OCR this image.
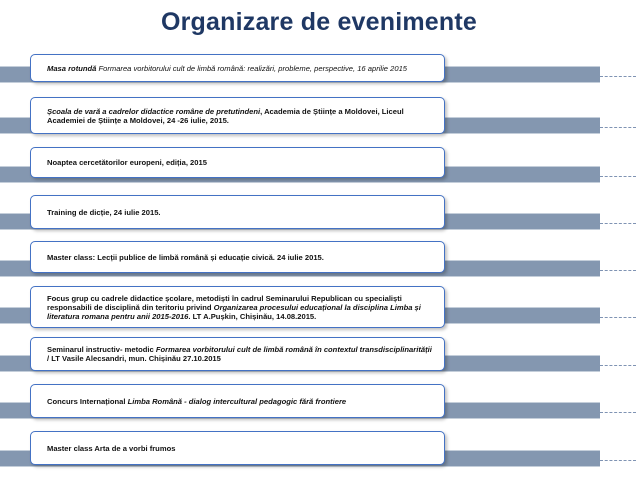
Organizare de evenimente

Masa rotundă Formarea vorbitorului cult de limbă română: realizări, probleme, perspective, 16 aprilie 2015

Școala de vară a cadrelor didactice române de pretutindeni, Academia de Științe a Moldovei, Liceul Academiei de Științe a Moldovei, 24 -26 iulie, 2015.

Noaptea cercetătorilor europeni, ediția, 2015

Training de dicție, 24 iulie 2015.

Master class: Lecții publice de limbă română și educație civică. 24 iulie 2015.

Focus grup cu cadrele didactice școlare, metodiști în cadrul Seminarului Republican cu specialiști responsabili de disciplină din teritoriu privind Organizarea procesului educațional la disciplina Limba și literatura romana pentru anii 2015-2016. LT A.Pușkin, Chișinău, 14.08.2015.

Seminarul instructiv- metodic Formarea vorbitorului cult de limbă română în contextul transdisciplinarității / LT Vasile Alecsandri, mun. Chișinău 27.10.2015

Concurs Internațional Limba Română - dialog intercultural pedagogic fără frontiere

Master class Arta de a vorbi frumos
